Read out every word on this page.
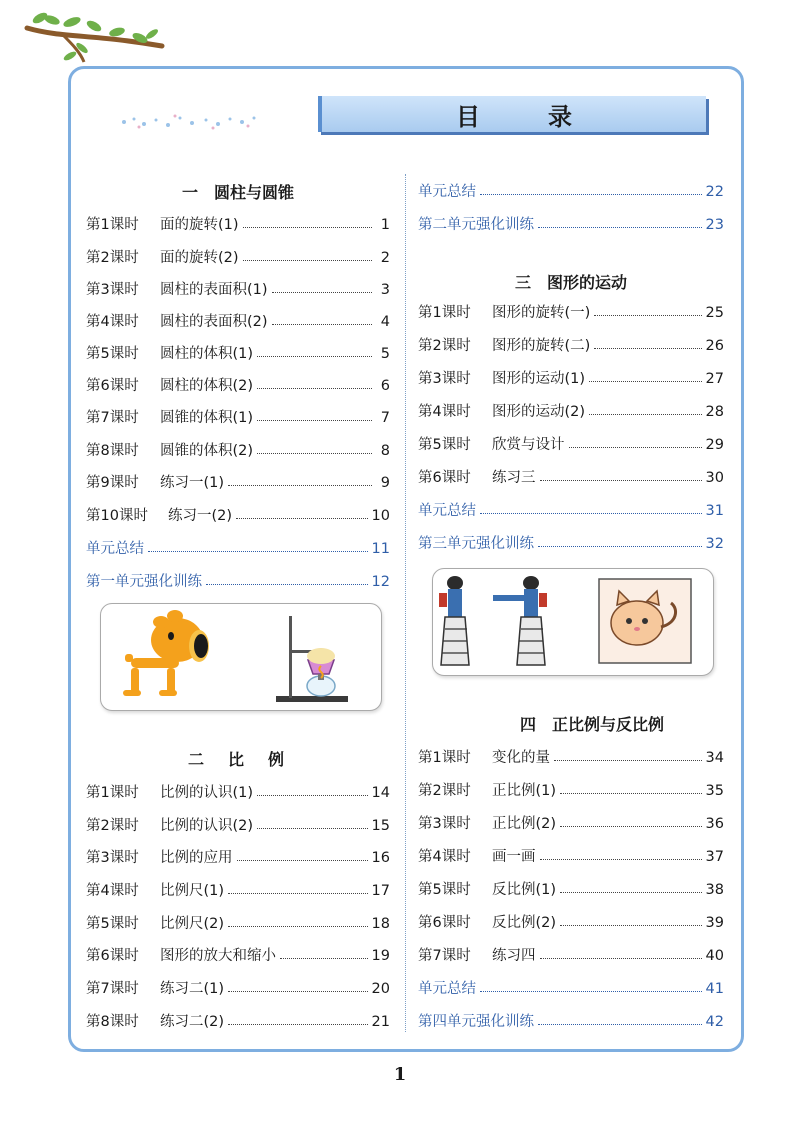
目　录
一　圆柱与圆锥
第1课时	面的旋转(1)	1
第2课时	面的旋转(2)	2
第3课时	圆柱的表面积(1)	3
第4课时	圆柱的表面积(2)	4
第5课时	圆柱的体积(1)	5
第6课时	圆柱的体积(2)	6
第7课时	圆锥的体积(1)	7
第8课时	圆锥的体积(2)	8
第9课时	练习一(1)	9
第10课时	练习一(2)	10
单元总结	11
第一单元强化训练	12
二　比　例
第1课时	比例的认识(1)	14
第2课时	比例的认识(2)	15
第3课时	比例的应用	16
第4课时	比例尺(1)	17
第5课时	比例尺(2)	18
第6课时	图形的放大和缩小	19
第7课时	练习二(1)	20
第8课时	练习二(2)	21
单元总结	22
第二单元强化训练	23
三　图形的运动
第1课时	图形的旋转(一)	25
第2课时	图形的旋转(二)	26
第3课时	图形的运动(1)	27
第4课时	图形的运动(2)	28
第5课时	欣赏与设计	29
第6课时	练习三	30
单元总结	31
第三单元强化训练	32
四　正比例与反比例
第1课时	变化的量	34
第2课时	正比例(1)	35
第3课时	正比例(2)	36
第4课时	画一画	37
第5课时	反比例(1)	38
第6课时	反比例(2)	39
第7课时	练习四	40
单元总结	41
第四单元强化训练	42
1
